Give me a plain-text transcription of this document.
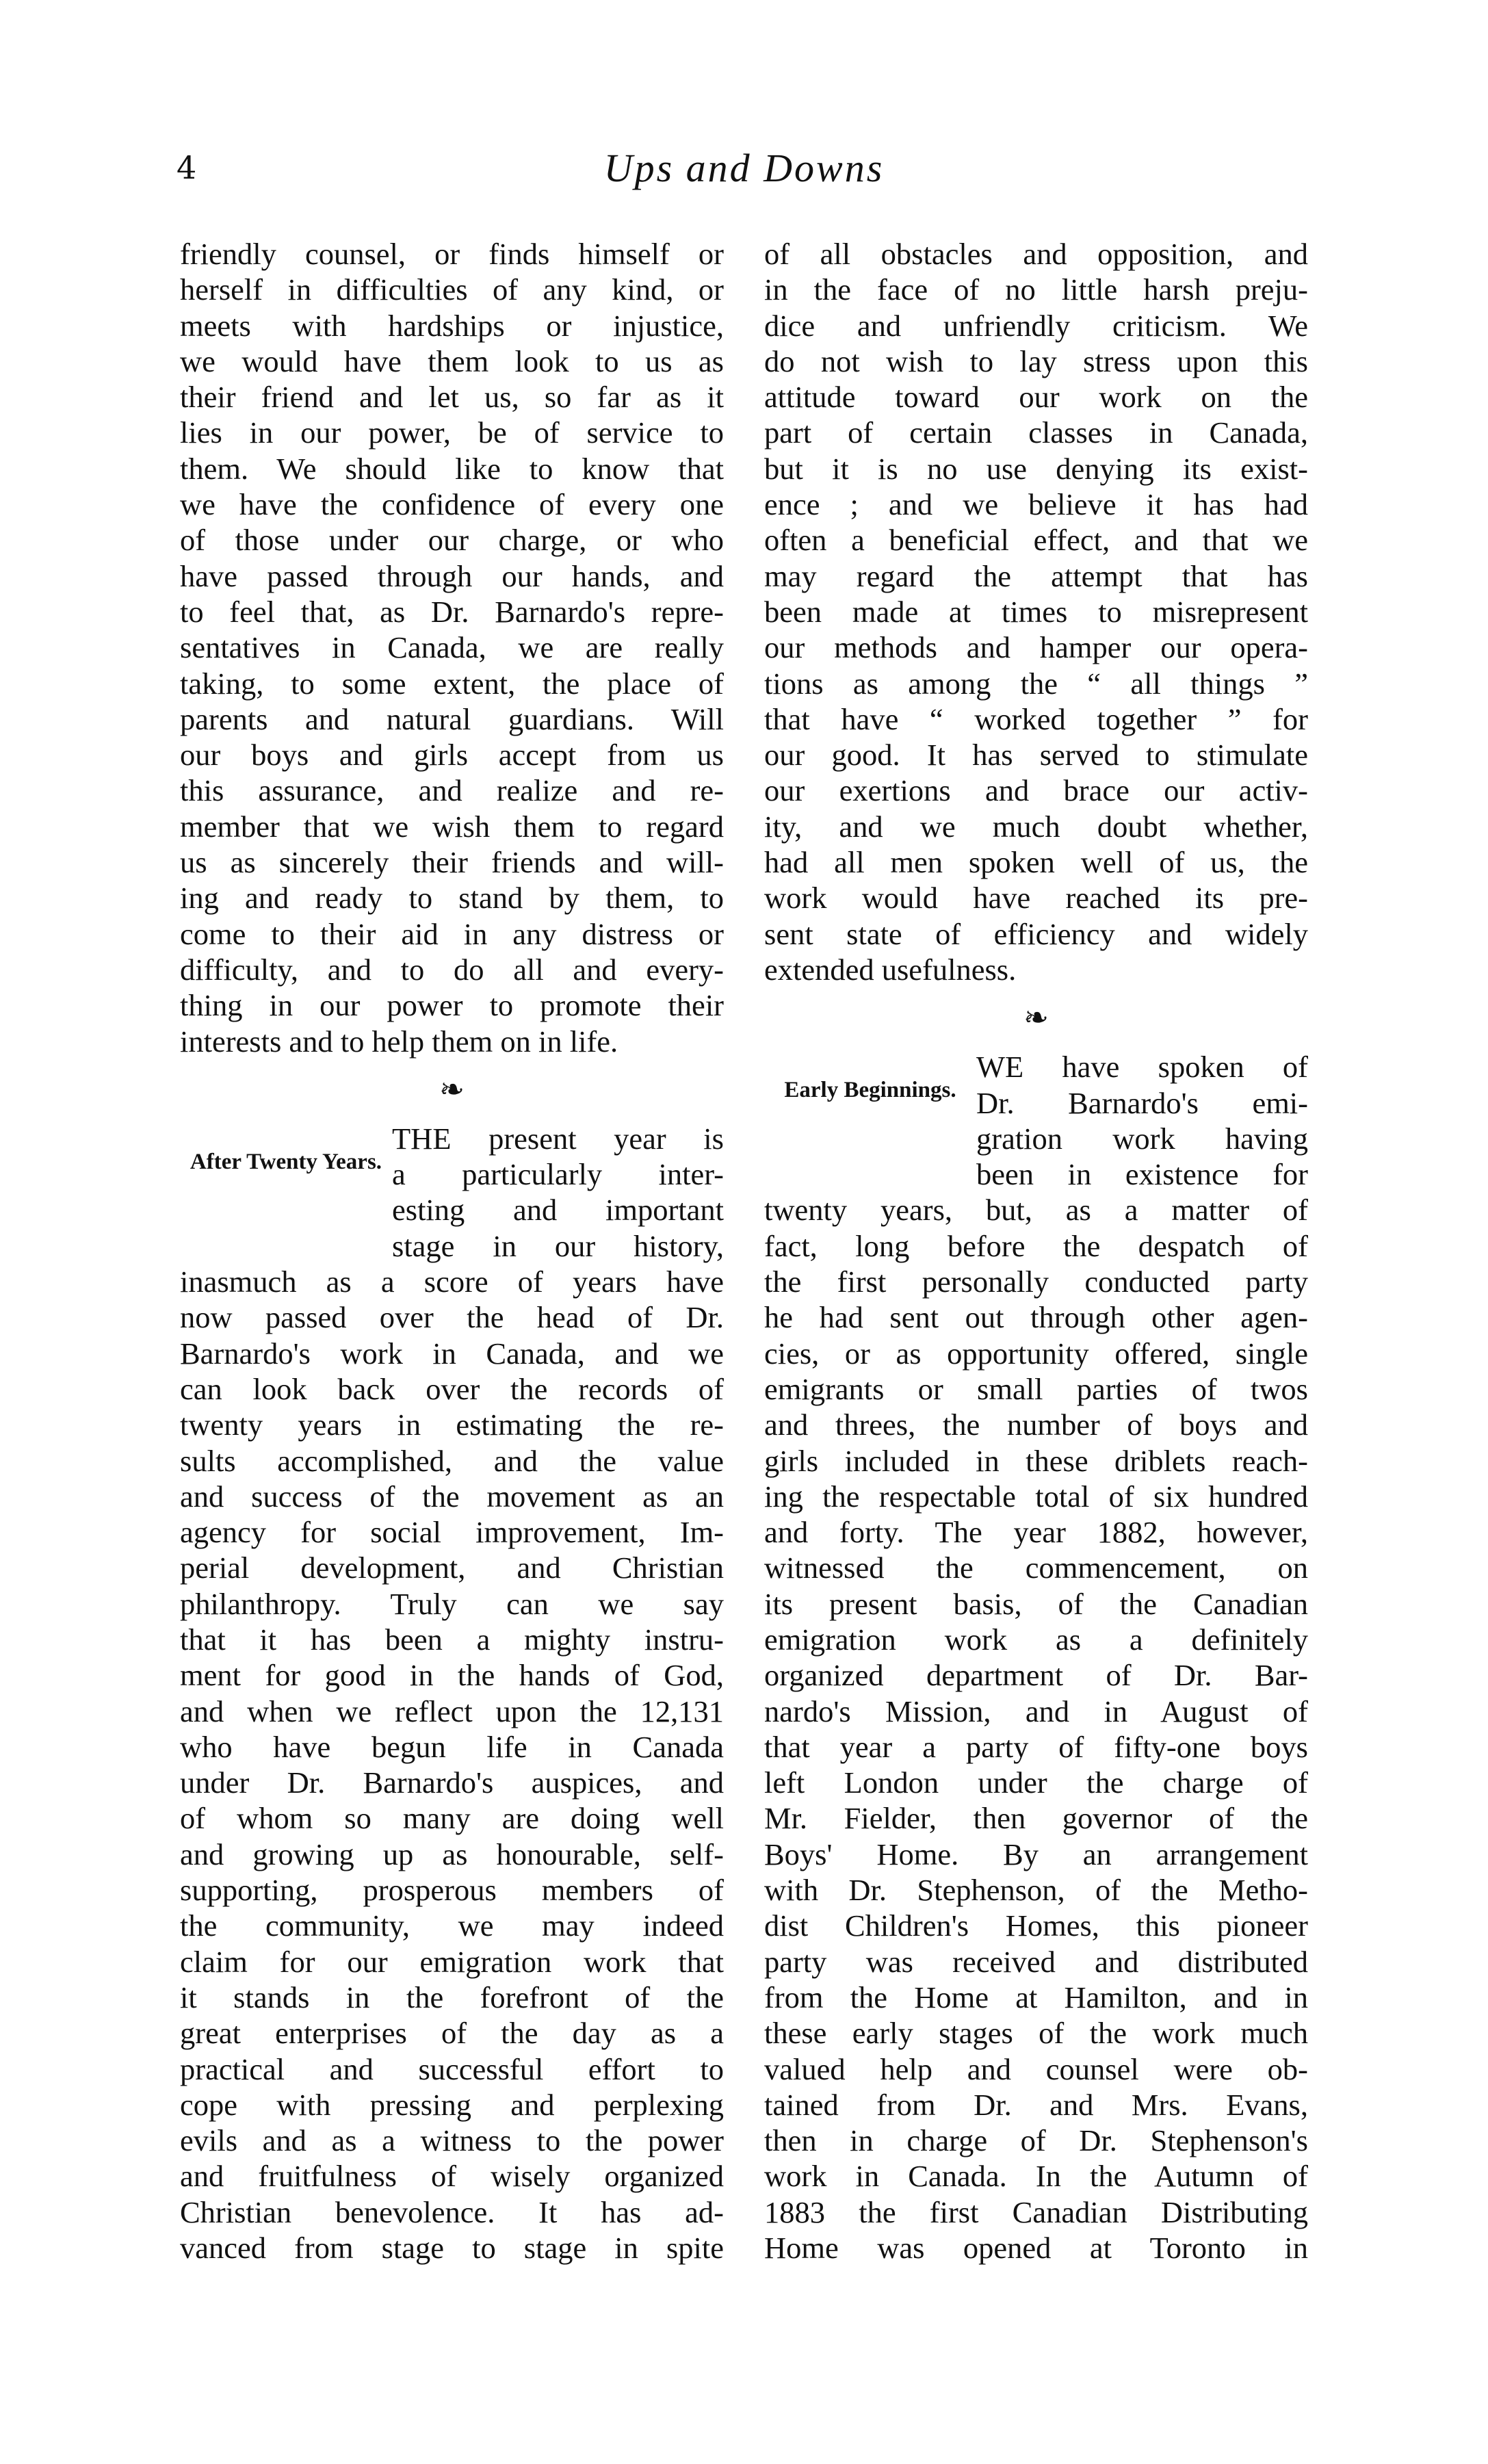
4	Ups and Downs
friendly counsel, or finds himself or
herself in difficulties of any kind, or
meets with hardships or injustice,
we would have them look to us as
their friend and let us, so far as it
lies in our power, be of service to
them. We should like to know that
we have the confidence of every one
of those under our charge, or who
have passed through our hands, and
to feel that, as Dr. Barnardo's repre-
sentatives in Canada, we are really
taking, to some extent, the place of
parents and natural guardians. Will
our boys and girls accept from us
this assurance, and realize and re-
member that we wish them to regard
us as sincerely their friends and will-
ing and ready to stand by them, to
come to their aid in any distress or
difficulty, and to do all and every-
thing in our power to promote their
interests and to help them on in life.
❧
After Twenty Years.
THE present year is
a particularly inter-
esting and important
stage in our history,
inasmuch as a score of years have
now passed over the head of Dr.
Barnardo's work in Canada, and we
can look back over the records of
twenty years in estimating the re-
sults accomplished, and the value
and success of the movement as an
agency for social improvement, Im-
perial development, and Christian
philanthropy. Truly can we say
that it has been a mighty instru-
ment for good in the hands of God,
and when we reflect upon the 12,131
who have begun life in Canada
under Dr. Barnardo's auspices, and
of whom so many are doing well
and growing up as honourable, self-
supporting, prosperous members of
the community, we may indeed
claim for our emigration work that
it stands in the forefront of the
great enterprises of the day as a
practical and successful effort to
cope with pressing and perplexing
evils and as a witness to the power
and fruitfulness of wisely organized
Christian benevolence. It has ad-
vanced from stage to stage in spite
of all obstacles and opposition, and
in the face of no little harsh preju-
dice and unfriendly criticism. We
do not wish to lay stress upon this
attitude toward our work on the
part of certain classes in Canada,
but it is no use denying its exist-
ence ; and we believe it has had
often a beneficial effect, and that we
may regard the attempt that has
been made at times to misrepresent
our methods and hamper our opera-
tions as among the “ all things ”
that have “ worked together ” for
our good. It has served to stimulate
our exertions and brace our activ-
ity, and we much doubt whether,
had all men spoken well of us, the
work would have reached its pre-
sent state of efficiency and widely
extended usefulness.
❧
Early Beginnings.
WE have spoken of
Dr. Barnardo's emi-
gration work having
been in existence for
twenty years, but, as a matter of
fact, long before the despatch of
the first personally conducted party
he had sent out through other agen-
cies, or as opportunity offered, single
emigrants or small parties of twos
and threes, the number of boys and
girls included in these driblets reach-
ing the respectable total of six hundred
and forty. The year 1882, however,
witnessed the commencement, on
its present basis, of the Canadian
emigration work as a definitely
organized department of Dr. Bar-
nardo's Mission, and in August of
that year a party of fifty-one boys
left London under the charge of
Mr. Fielder, then governor of the
Boys' Home. By an arrangement
with Dr. Stephenson, of the Metho-
dist Children's Homes, this pioneer
party was received and distributed
from the Home at Hamilton, and in
these early stages of the work much
valued help and counsel were ob-
tained from Dr. and Mrs. Evans,
then in charge of Dr. Stephenson's
work in Canada. In the Autumn of
1883 the first Canadian Distributing
Home was opened at Toronto in
